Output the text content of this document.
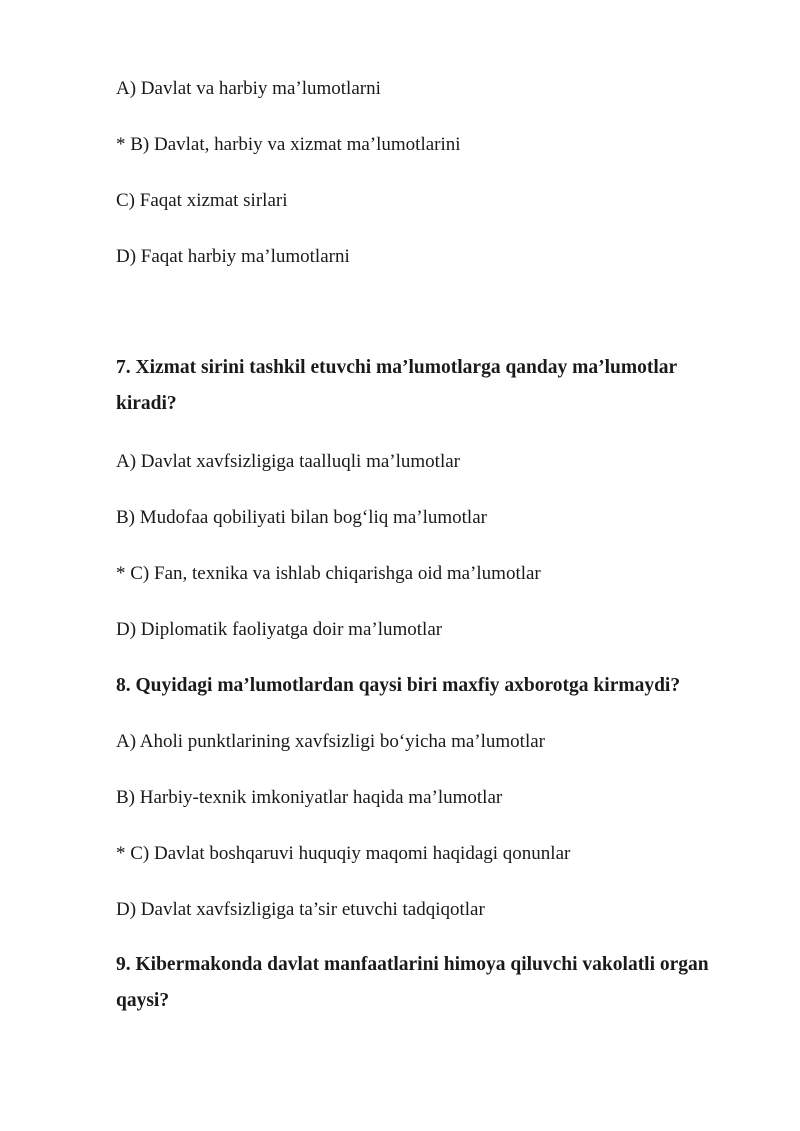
A) Davlat va harbiy ma’lumotlarni
* B) Davlat, harbiy va xizmat ma’lumotlarini
C) Faqat xizmat sirlari
D) Faqat harbiy ma’lumotlarni
7. Xizmat sirini tashkil etuvchi ma’lumotlarga qanday ma’lumotlar kiradi?
A) Davlat xavfsizligiga taalluqli ma’lumotlar
B) Mudofaa qobiliyati bilan bog‘liq ma’lumotlar
* C) Fan, texnika va ishlab chiqarishga oid ma’lumotlar
D) Diplomatik faoliyatga doir ma’lumotlar
8. Quyidagi ma’lumotlardan qaysi biri maxfiy axborotga kirmaydi?
A) Aholi punktlarining xavfsizligi bo‘yicha ma’lumotlar
B) Harbiy-texnik imkoniyatlar haqida ma’lumotlar
* C) Davlat boshqaruvi huquqiy maqomi haqidagi qonunlar
D) Davlat xavfsizligiga ta’sir etuvchi tadqiqotlar
9. Kibermakonda davlat manfaatlarini himoya qiluvchi vakolatli organ qaysi?
